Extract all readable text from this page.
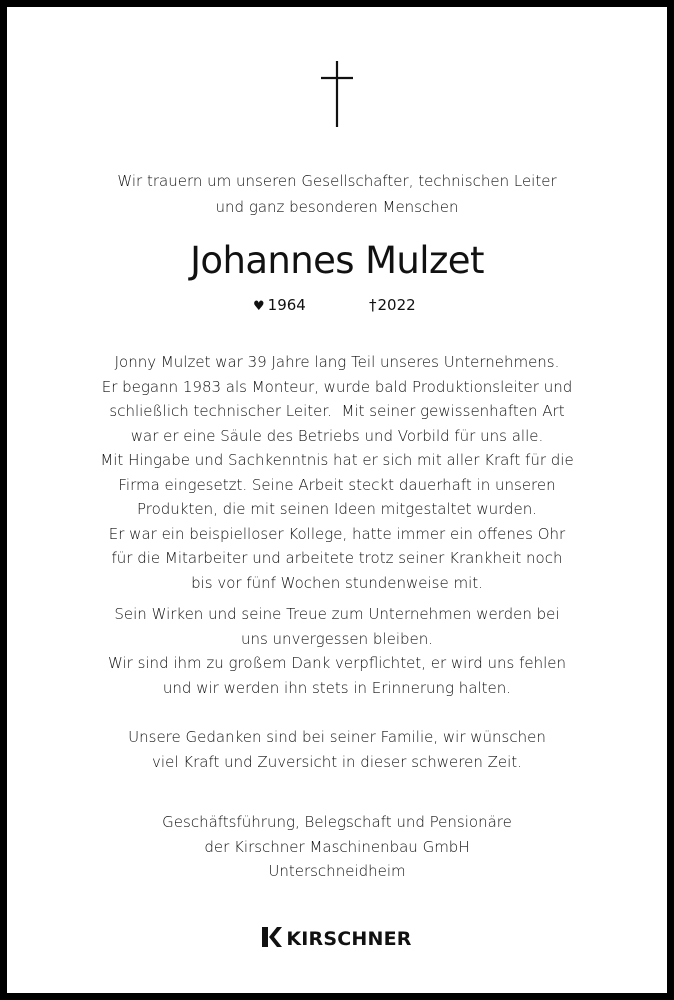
Wir trauern um unseren Gesellschafter, technischen Leiter
und ganz besonderen Menschen
Johannes Mulzet
♥ 1964	†2022
Jonny Mulzet war 39 Jahre lang Teil unseres Unternehmens.
Er begann 1983 als Monteur, wurde bald Produktionsleiter und
schließlich technischer Leiter.  Mit seiner gewissenhaften Art
war er eine Säule des Betriebs und Vorbild für uns alle.
Mit Hingabe und Sachkenntnis hat er sich mit aller Kraft für die
Firma eingesetzt. Seine Arbeit steckt dauerhaft in unseren
Produkten, die mit seinen Ideen mitgestaltet wurden.
Er war ein beispielloser Kollege, hatte immer ein offenes Ohr
für die Mitarbeiter und arbeitete trotz seiner Krankheit noch
bis vor fünf Wochen stundenweise mit.
Sein Wirken und seine Treue zum Unternehmen werden bei
uns unvergessen bleiben.
Wir sind ihm zu großem Dank verpflichtet, er wird uns fehlen
und wir werden ihn stets in Erinnerung halten.
Unsere Gedanken sind bei seiner Familie, wir wünschen
viel Kraft und Zuversicht in dieser schweren Zeit.
Geschäftsführung, Belegschaft und Pensionäre
der Kirschner Maschinenbau GmbH
Unterschneidheim
KIRSCHNER
